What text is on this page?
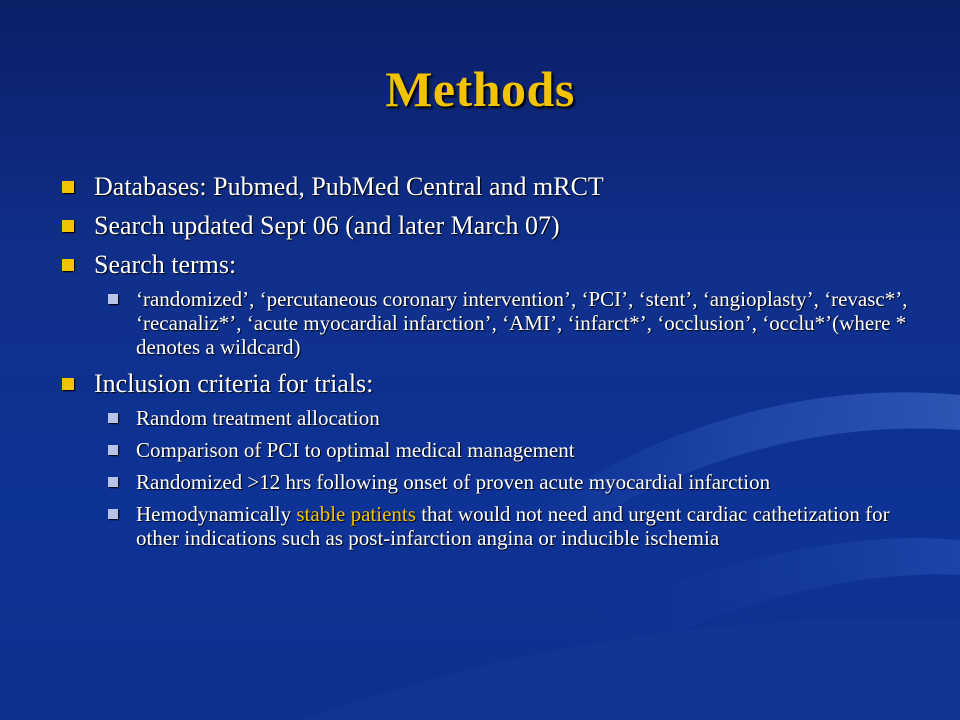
Methods
Databases: Pubmed, PubMed Central and mRCT
Search updated Sept 06 (and later March 07)
Search terms:
‘randomized’, ‘percutaneous coronary intervention’, ‘PCI’, ‘stent’, ‘angioplasty’, ‘revasc*’, ‘recanaliz*’, ‘acute myocardial infarction’, ‘AMI’, ‘infarct*’, ‘occlusion’, ‘occlu*’(where * denotes a wildcard)
Inclusion criteria for trials:
Random treatment allocation
Comparison of PCI to optimal medical management
Randomized >12 hrs following onset of proven acute myocardial infarction
Hemodynamically stable patients that would not need and urgent cardiac cathetization for other indications such as post-infarction angina or inducible ischemia
